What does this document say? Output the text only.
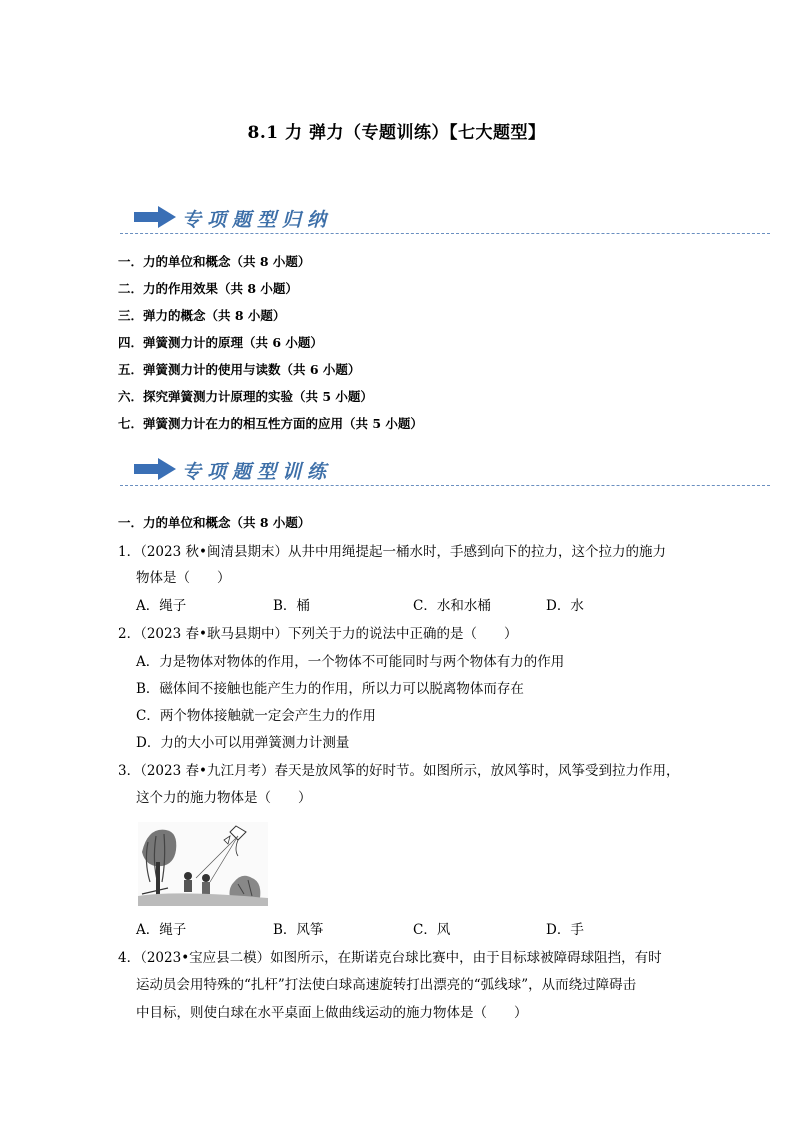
8.1 力 弹力（专题训练）【七大题型】
专项题型归纳
一．力的单位和概念（共 8 小题）
二．力的作用效果（共 8 小题）
三．弹力的概念（共 8 小题）
四．弹簧测力计的原理（共 6 小题）
五．弹簧测力计的使用与读数（共 6 小题）
六．探究弹簧测力计原理的实验（共 5 小题）
七．弹簧测力计在力的相互性方面的应用（共 5 小题）
专项题型训练
一．力的单位和概念（共 8 小题）
1．（2023 秋•闽清县期末）从井中用绳提起一桶水时，手感到向下的拉力，这个拉力的施力
物体是（　　）
A．绳子	B．桶	C．水和水桶	D．水
2．（2023 春•耿马县期中）下列关于力的说法中正确的是（　　）
A．力是物体对物体的作用，一个物体不可能同时与两个物体有力的作用
B．磁体间不接触也能产生力的作用，所以力可以脱离物体而存在
C．两个物体接触就一定会产生力的作用
D．力的大小可以用弹簧测力计测量
3．（2023 春•九江月考）春天是放风筝的好时节。如图所示，放风筝时，风筝受到拉力作用，
这个力的施力物体是（　　）
A．绳子	B．风筝	C．风	D．手
4．（2023•宝应县二模）如图所示，在斯诺克台球比赛中，由于目标球被障碍球阻挡，有时
运动员会用特殊的“扎杆”打法使白球高速旋转打出漂亮的“弧线球”，从而绕过障碍击
中目标，则使白球在水平桌面上做曲线运动的施力物体是（　　）
